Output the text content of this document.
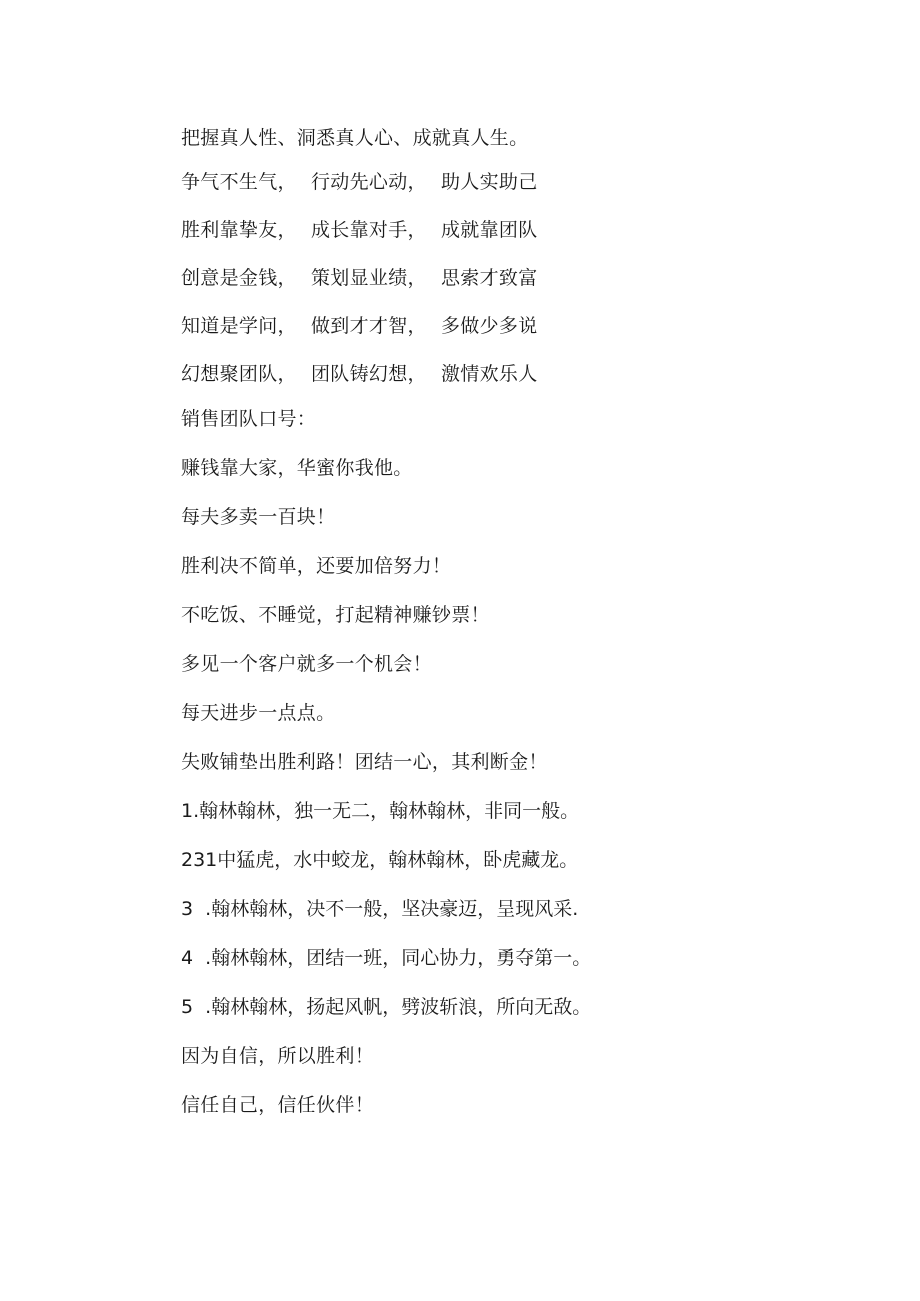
把握真人性、洞悉真人心、成就真人生。
争气不生气， 行动先心动， 助人实助己
胜利靠挚友， 成长靠对手， 成就靠团队
创意是金钱， 策划显业绩， 思索才致富
知道是学问， 做到才才智， 多做少多说
幻想聚团队， 团队铸幻想， 激情欢乐人
销售团队口号：
赚钱靠大家，华蜜你我他。
每夫多卖一百块！
胜利决不简单，还要加倍努力！
不吃饭、不睡觉，打起精神赚钞票！
多见一个客户就多一个机会！
每天进步一点点。
失败铺垫出胜利路！团结一心，其利断金！
1.翰林翰林，独一无二，翰林翰林，非同一般。
231中猛虎，水中蛟龙，翰林翰林，卧虎藏龙。
3  .翰林翰林，决不一般，坚决豪迈，呈现风采.
4  .翰林翰林，团结一班，同心协力，勇夺第一。
5  .翰林翰林，扬起风帆，劈波斩浪，所向无敌。
因为自信，所以胜利！
信任自己，信任伙伴！
